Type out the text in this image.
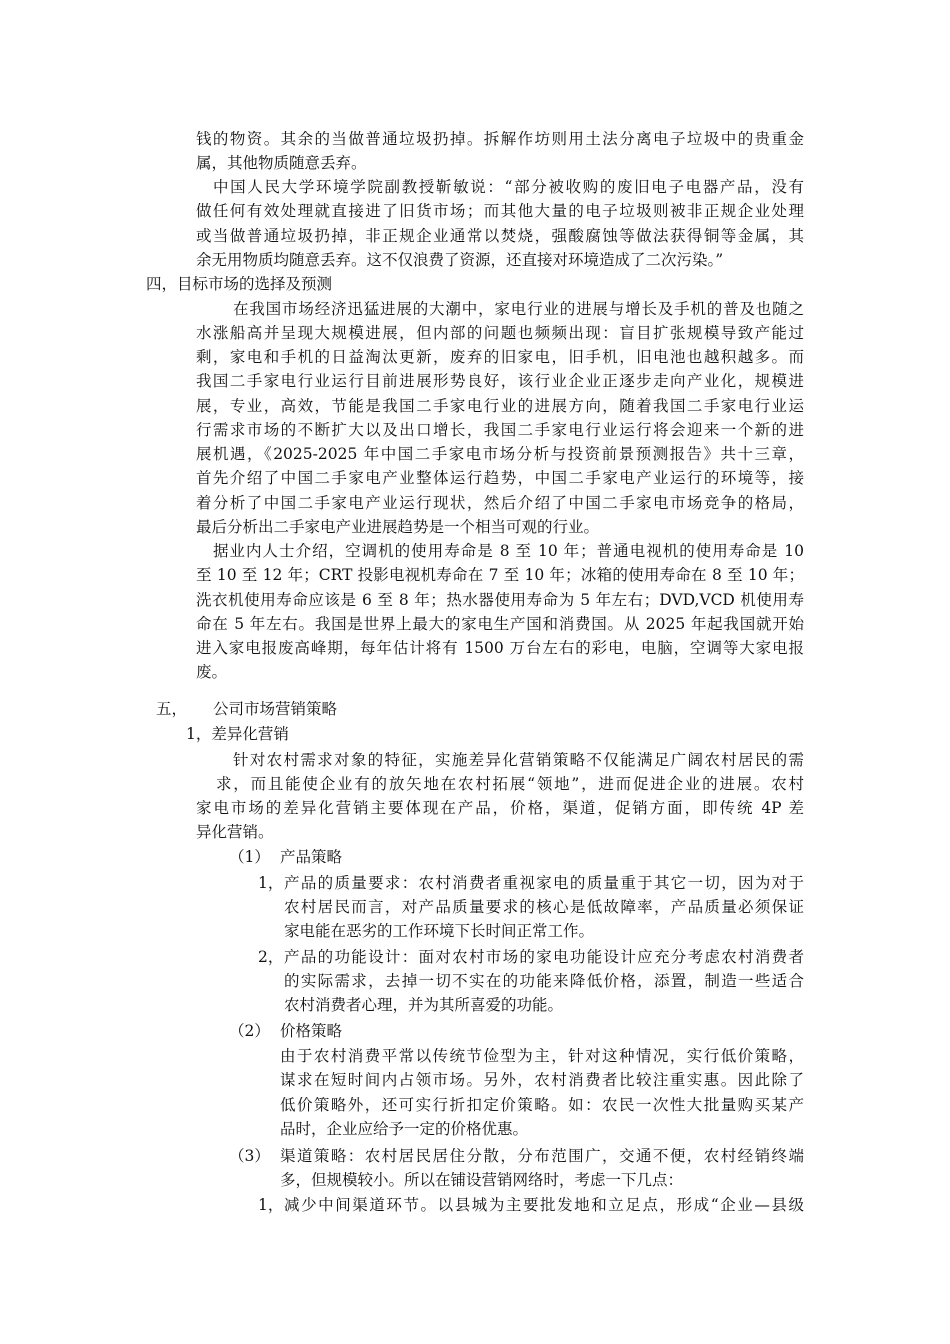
钱的物资。其余的当做普通垃圾扔掉。拆解作坊则用土法分离电子垃圾中的贵重金
属，其他物质随意丢弃。
中国人民大学环境学院副教授靳敏说：“部分被收购的废旧电子电器产品，没有
做任何有效处理就直接进了旧货市场；而其他大量的电子垃圾则被非正规企业处理
或当做普通垃圾扔掉，非正规企业通常以焚烧，强酸腐蚀等做法获得铜等金属，其
余无用物质均随意丢弃。这不仅浪费了资源，还直接对环境造成了二次污染。”
四，目标市场的选择及预测
在我国市场经济迅猛进展的大潮中，家电行业的进展与增长及手机的普及也随之
水涨船高并呈现大规模进展，但内部的问题也频频出现：盲目扩张规模导致产能过
剩，家电和手机的日益淘汰更新，废弃的旧家电，旧手机，旧电池也越积越多。而
我国二手家电行业运行目前进展形势良好，该行业企业正逐步走向产业化，规模进
展，专业，高效，节能是我国二手家电行业的进展方向，随着我国二手家电行业运
行需求市场的不断扩大以及出口增长，我国二手家电行业运行将会迎来一个新的进
展机遇，《2025-2025 年中国二手家电市场分析与投资前景预测报告》共十三章，
首先介绍了中国二手家电产业整体运行趋势，中国二手家电产业运行的环境等，接
着分析了中国二手家电产业运行现状，然后介绍了中国二手家电市场竞争的格局，
最后分析出二手家电产业进展趋势是一个相当可观的行业。
据业内人士介绍，空调机的使用寿命是 8 至 10 年；普通电视机的使用寿命是 10
至 10 至 12 年；CRT 投影电视机寿命在 7 至 10 年；冰箱的使用寿命在 8 至 10 年；
洗衣机使用寿命应该是 6 至 8 年；热水器使用寿命为 5 年左右；DVD,VCD 机使用寿
命在 5 年左右。我国是世界上最大的家电生产国和消费国。从 2025 年起我国就开始
进入家电报废高峰期，每年估计将有 1500 万台左右的彩电，电脑，空调等大家电报
废。
五， 公司市场营销策略
1，差异化营销
针对农村需求对象的特征，实施差异化营销策略不仅能满足广阔农村居民的需
求，而且能使企业有的放矢地在农村拓展“领地”，进而促进企业的进展。农村
家电市场的差异化营销主要体现在产品，价格，渠道，促销方面，即传统 4P 差
异化营销。
（1） 产品策略
1， 产品的质量要求：农村消费者重视家电的质量重于其它一切，因为对于
农村居民而言，对产品质量要求的核心是低故障率，产品质量必须保证
家电能在恶劣的工作环境下长时间正常工作。
2， 产品的功能设计：面对农村市场的家电功能设计应充分考虑农村消费者
的实际需求，去掉一切不实在的功能来降低价格，添置，制造一些适合
农村消费者心理，并为其所喜爱的功能。
（2） 价格策略
由于农村消费平常以传统节俭型为主，针对这种情况，实行低价策略，
谋求在短时间内占领市场。另外，农村消费者比较注重实惠。因此除了
低价策略外，还可实行折扣定价策略。如：农民一次性大批量购买某产
品时，企业应给予一定的价格优惠。
（3） 渠道策略：农村居民居住分散，分布范围广，交通不便，农村经销终端
多，但规模较小。所以在铺设营销网络时，考虑一下几点：
1， 减少中间渠道环节。以县城为主要批发地和立足点，形成“企业—县级
